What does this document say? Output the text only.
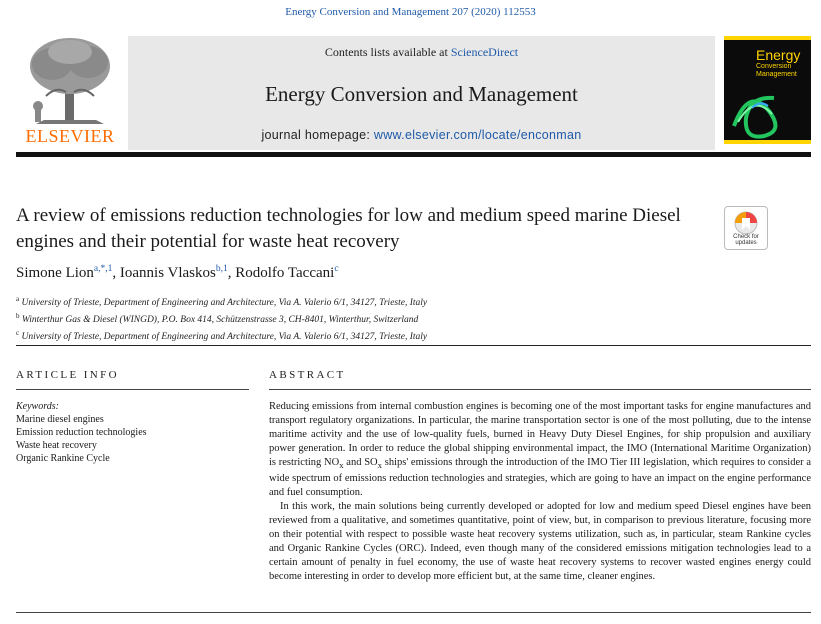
Energy Conversion and Management 207 (2020) 112553
ELSEVIER
Contents lists available at ScienceDirect
Energy Conversion and Management
journal homepage: www.elsevier.com/locate/enconman
Energy
Conversion
Management
A review of emissions reduction technologies for low and medium speed marine Diesel engines and their potential for waste heat recovery	Check for
updates
Simone Lion$^{a,*,1}$, Ioannis Vlaskos$^{b,1}$, Rodolfo Taccani$^c$
$^a$ University of Trieste, Department of Engineering and Architecture, Via A. Valerio 6/1, 34127, Trieste, Italy
$^b$ Winterthur Gas & Diesel (WINGD), P.O. Box 414, Schützenstrasse 3, CH-8401, Winterthur, Switzerland
$^c$ University of Trieste, Department of Engineering and Architecture, Via A. Valerio 6/1, 34127, Trieste, Italy
ARTICLE INFO	ABSTRACT
Keywords:
Marine diesel engines
Emission reduction technologies
Waste heat recovery
Organic Rankine Cycle

Reducing emissions from internal combustion engines is becoming one of the most important tasks for engine manufactures and transport regulatory organizations. In particular, the marine transportation sector is one of the most polluting, due to the intense maritime activity and the use of low-quality fuels, burned in Heavy Duty Diesel Engines, for ship propulsion and auxiliary power generation. In order to reduce the global shipping environmental impact, the IMO (International Maritime Organization) is restricting $NO_x$ and $SO_x$ ships' emissions through the introduction of the IMO Tier III legislation, which requires to consider a wide spectrum of emissions reduction technologies and strategies, which are going to have an impact on the engine performance and fuel consumption.

In this work, the main solutions being currently developed or adopted for low and medium speed Diesel engines have been reviewed from a qualitative, and sometimes quantitative, point of view, but, in comparison to previous literature, focusing more on their potential with respect to possible waste heat recovery systems utilization, such as, in particular, steam Rankine cycles and Organic Rankine Cycles (ORC). Indeed, even though many of the considered emissions mitigation technologies lead to a certain amount of penalty in fuel economy, the use of waste heat recovery systems to recover wasted engines energy could become interesting in order to develop more efficient but, at the same time, cleaner engines.
